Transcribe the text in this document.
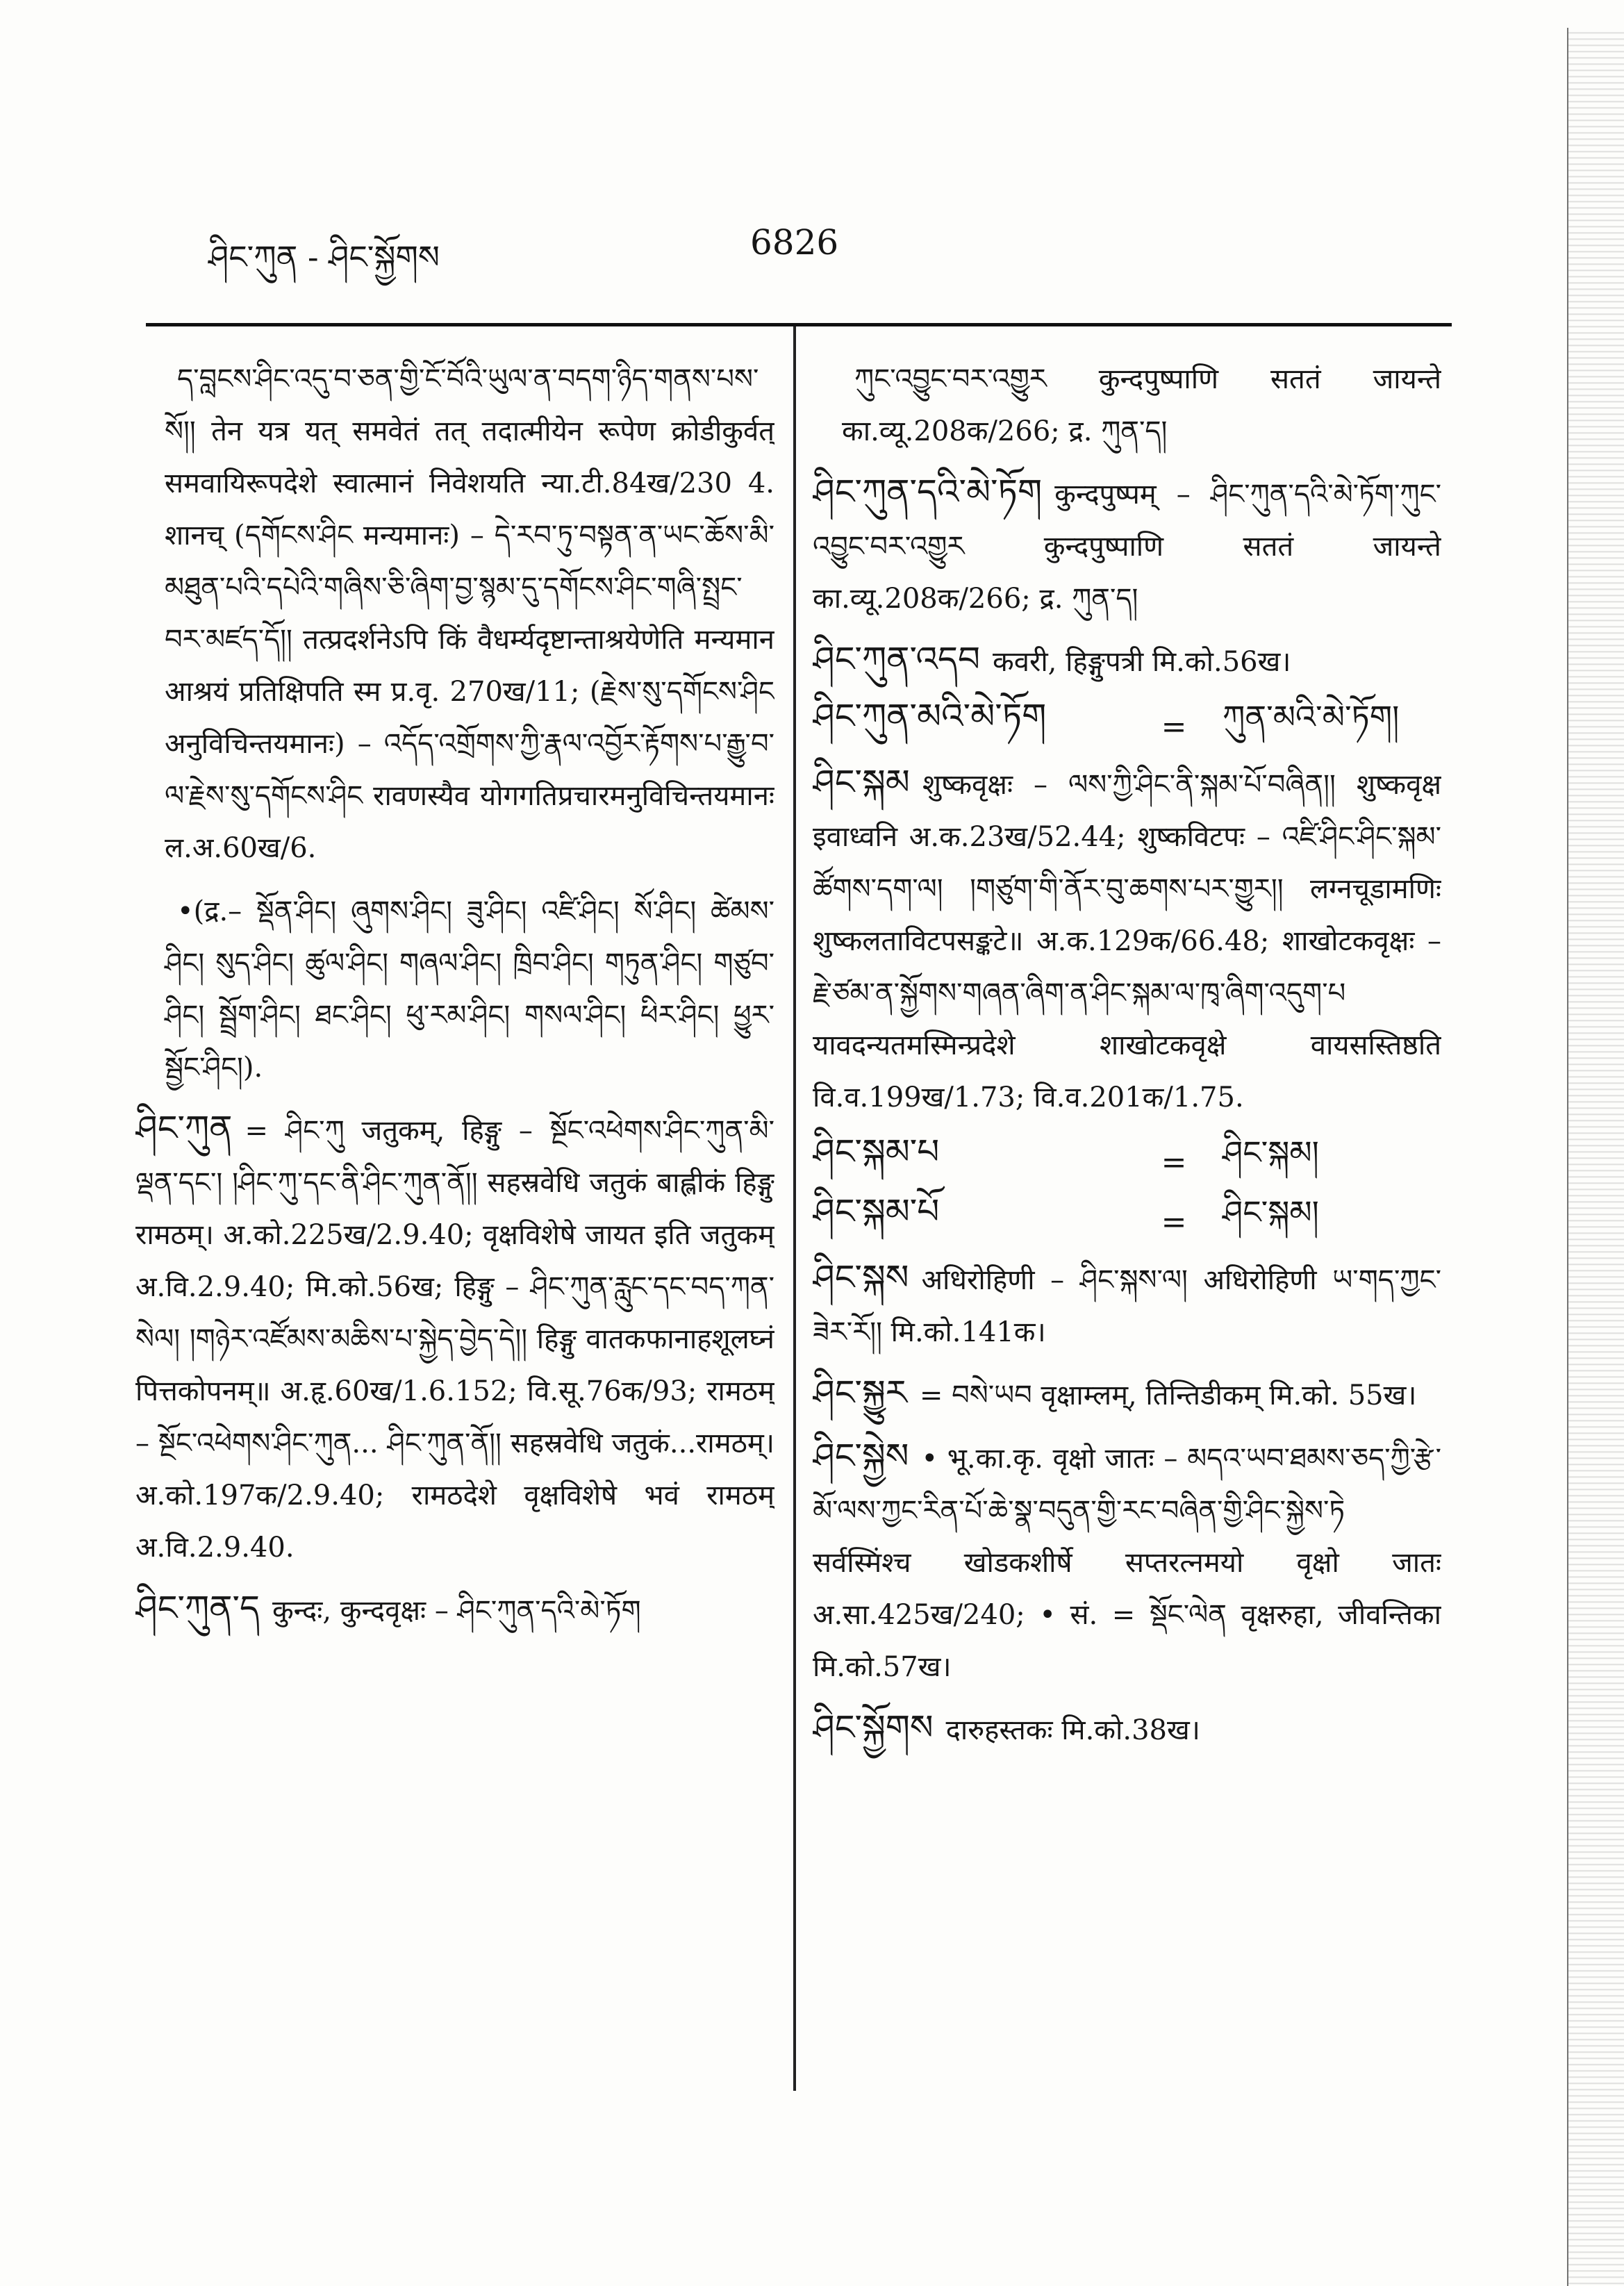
ཤིང་ཀུན - ཤིང་སྐྱོགས	6826

ད་བླངས་ཤིང་འདུ་བ་ཅན་གྱི་ངོ་བོའི་ཡུལ་ན་བདག་ཉིད་གནས་པས་སོ།། तेन यत्र यत् समवेतं तत् तदात्मीयेन रूपेण क्रोडीकुर्वत् समवायिरूपदेशे स्वात्मानं निवेशयति न्या.टी.84ख/230 4. शानच् (དགོངས་ཤིང मन्यमानः) – དེ་རབ་ཏུ་བསྟན་ན་ཡང་ཆོས་མི་མཐུན་པའི་དཔེའི་གཞིས་ཅི་ཞིག་བྱ་སྙམ་དུ་དགོངས་ཤིང་གཞི་སྤྲང་བར་མཛད་དོ།། तत्प्रदर्शनेऽपि किं वैधर्म्यदृष्टान्ताश्रयेणेति मन्यमान आश्रयं प्रतिक्षिपति स्म प्र.वृ. 270ख/11; (རྗེས་སུ་དགོངས་ཤིང अनुविचिन्तयमानः) – འདོད་འགྲོགས་ཀྱི་རྣལ་འབྱོར་རྟོགས་པ་རྒྱུ་བ་ལ་རྗེས་སུ་དགོངས་ཤིང रावणस्यैव योगगतिप्रचारमनुविचिन्तयमानः ल.अ.60ख/6.

•(द्र.– སྡོན་ཤིང། ཞུགས་ཤིང། ཟུ་ཤིང། འཛི་ཤིང། སོ་ཤིང། ཚེམས་ཤིང། སུད་ཤིང། ཚུལ་ཤིང། གཞལ་ཤིང། ཁྲིབ་ཤིང། གཏུན་ཤིང། གཙུབ་ཤིང། སྦྲོག་ཤིང། ཐང་ཤིང། ཕུ་རམ་ཤིང། གསལ་ཤིང། ཕིར་ཤིང། ཕྱུར་སྦྱོང་ཤིང།).

ཤིང་ཀུན = ཤིང་ཀུ जतुकम्, हिङ्गु – སྔོང་འཕེགས་ཤིང་ཀུན་མི་ལྡན་དང་། །ཤིང་ཀུ་དང་ནི་ཤིང་ཀུན་ནོ།། सहस्रवेधि जतुकं बाह्लीकं हिङ्गु रामठम्। अ.को.225ख/2.9.40; वृक्षविशेषे जायत इति जतुकम् अ.वि.2.9.40; मि.को.56ख; हिङ्गु – ཤིང་ཀུན་རླུང་དང་བད་ཀན་སེལ། །གཉེར་འཛོམས་མཆིས་པ་སྐྱེད་བྱེད་དེ།། हिङ्गु वातकफानाहशूलघ्नं पित्तकोपनम्॥ अ.हृ.60ख/1.6.152; वि.सू.76क/93; रामठम् – སྔོང་འཕེགས་ཤིང་ཀུན... ཤིང་ཀུན་ནོ།། सहस्रवेधि जतुकं...रामठम्। अ.को.197क/2.9.40; रामठदेशे वृक्षविशेषे भवं रामठम् अ.वि.2.9.40.

ཤིང་ཀུན་ད कुन्दः, कुन्दवृक्षः – ཤིང་ཀུན་དའི་མེ་ཏོག

ཀུང་འབྱུང་བར་འགྱུར कुन्दपुष्पाणि सततं जायन्ते का.व्यू.208क/266; द्र. ཀུན་ད།

ཤིང་ཀུན་དའི་མེ་ཏོག कुन्दपुष्पम् – ཤིང་ཀུན་དའི་མེ་ཏོག་ཀུང་འབྱུང་བར་འགྱུར कुन्दपुष्पाणि सततं जायन्ते का.व्यू.208क/266; द्र. ཀུན་ད།

ཤིང་ཀུན་འདབ कवरी, हिङ्गुपत्री मि.को.56ख।

ཤིང་ཀུན་མའི་མེ་ཏོག	=	ཀུན་མའི་མེ་ཏོག།

ཤིང་སྐམ शुष्कवृक्षः – ལས་ཀྱི་ཤིང་ནི་སྐམ་པོ་བཞིན།། शुष्कवृक्ष इवाध्वनि अ.क.23ख/52.44; शुष्कविटपः – འཛི་ཤིང་ཤིང་སྐམ་ཚོགས་དག་ལ། །གཙུག་གི་ནོར་བུ་ཆགས་པར་གྱུར།། लग्नचूडामणिः शुष्कलताविटपसङ्कटे॥ अ.क.129क/66.48; शाखोटकवृक्षः – རྗེ་ཙམ་ན་སྐྱོགས་གཞན་ཞིག་ན་ཤིང་སྐམ་ལ་ཁྭ་ཞིག་འདུག་པ यावदन्यतमस्मिन्प्रदेशे शाखोटकवृक्षे वायसस्तिष्ठति वि.व.199ख/1.73; वि.व.201क/1.75.

ཤིང་སྐམ་པ	=	ཤིང་སྐམ།
ཤིང་སྐམ་པོ	=	ཤིང་སྐམ།

ཤིང་སྐས अधिरोहिणी – ཤིང་སྐས་ལ། अधिरोहिणी ཡ་གད་ཀྱང་ཟེར་རོ།། मि.को.141क।

ཤིང་སྐྱུར = བསེ་ཡབ वृक्षाम्लम्, तिन्तिडीकम् मि.को. 55ख।

ཤིང་སྐྱེས • भू.का.कृ. वृक्षो जातः – མདའ་ཡབ་ཐམས་ཅད་ཀྱི་རྩེ་མོ་ལས་ཀྱང་རིན་པོ་ཆེ་སྣ་བདུན་གྱི་རང་བཞིན་གྱི་ཤིང་སྐྱེས་ཏེ सर्वस्मिंश्च खोडकशीर्षे सप्तरत्नमयो वृक्षो जातः अ.सा.425ख/240; • सं. = སྡོང་ལེན वृक्षरुहा, जीवन्तिका मि.को.57ख।

ཤིང་སྐྱོགས दारुहस्तकः मि.को.38ख।
